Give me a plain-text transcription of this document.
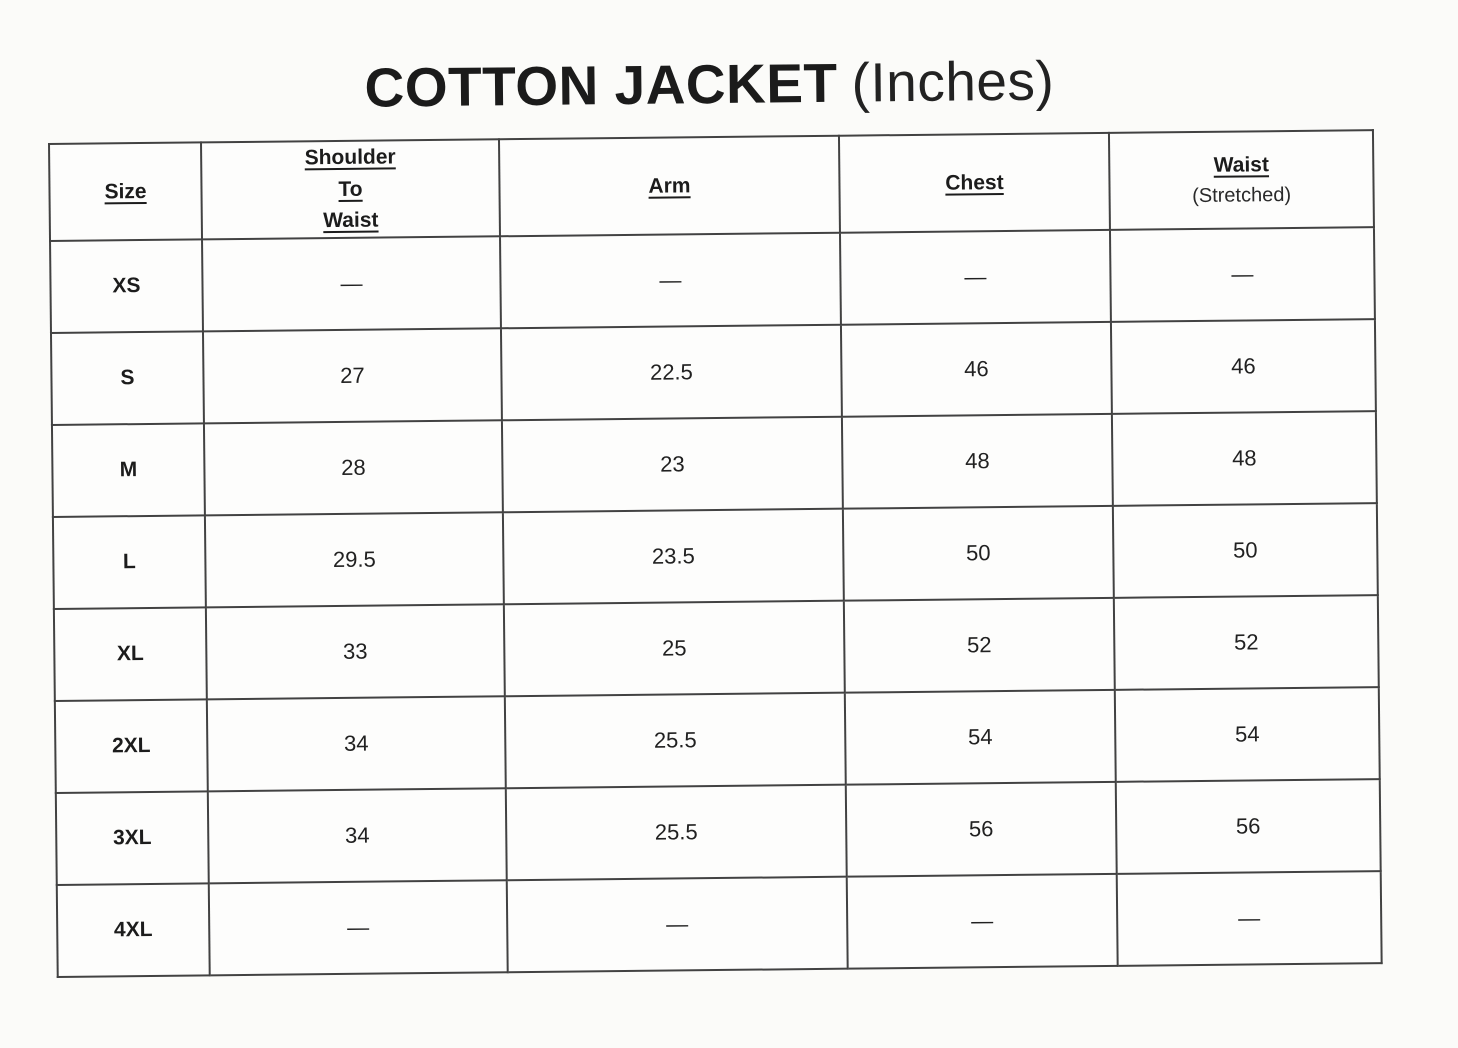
COTTON JACKET (Inches)
Size	Shoulder
To
Waist	Arm	Chest	Waist
(Stretched)

XS	—	—	—	—
S	27	22.5	46	46
M	28	23	48	48
L	29.5	23.5	50	50
XL	33	25	52	52
2XL	34	25.5	54	54
3XL	34	25.5	56	56
4XL	—	—	—	—
